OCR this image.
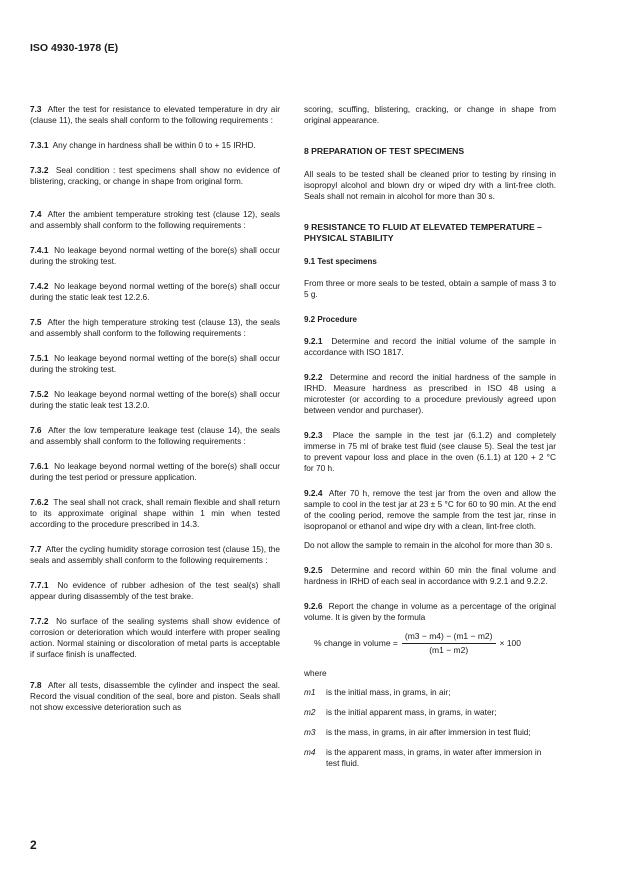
ISO 4930-1978 (E)

7.3 After the test for resistance to elevated temperature in dry air (clause 11), the seals shall conform to the following requirements :

7.3.1 Any change in hardness shall be within 0 to + 15 IRHD.

7.3.2 Seal condition : test specimens shall show no evidence of blistering, cracking, or change in shape from original form.

7.4 After the ambient temperature stroking test (clause 12), seals and assembly shall conform to the following requirements :

7.4.1 No leakage beyond normal wetting of the bore(s) shall occur during the stroking test.

7.4.2 No leakage beyond normal wetting of the bore(s) shall occur during the static leak test 12.2.6.

7.5 After the high temperature stroking test (clause 13), the seals and assembly shall conform to the following requirements :

7.5.1 No leakage beyond normal wetting of the bore(s) shall occur during the stroking test.

7.5.2 No leakage beyond normal wetting of the bore(s) shall occur during the static leak test 13.2.0.

7.6 After the low temperature leakage test (clause 14), the seals and assembly shall conform to the following requirements :

7.6.1 No leakage beyond normal wetting of the bore(s) shall occur during the test period or pressure application.

7.6.2 The seal shall not crack, shall remain flexible and shall return to its approximate original shape within 1 min when tested according to the procedure prescribed in 14.3.

7.7 After the cycling humidity storage corrosion test (clause 15), the seals and assembly shall conform to the following requirements :

7.7.1 No evidence of rubber adhesion of the test seal(s) shall appear during disassembly of the test brake.

7.7.2 No surface of the sealing systems shall show evidence of corrosion or deterioration which would interfere with proper sealing action. Normal staining or discoloration of metal parts is acceptable if surface finish is unaffected.

7.8 After all tests, disassemble the cylinder and inspect the seal. Record the visual condition of the seal, bore and piston. Seals shall not show excessive deterioration such as

scoring, scuffing, blistering, cracking, or change in shape from original appearance.

8 PREPARATION OF TEST SPECIMENS

All seals to be tested shall be cleaned prior to testing by rinsing in isopropyl alcohol and blown dry or wiped dry with a lint-free cloth. Seals shall not remain in alcohol for more than 30 s.

9 RESISTANCE TO FLUID AT ELEVATED TEMPERATURE – PHYSICAL STABILITY
9.1 Test specimens

From three or more seals to be tested, obtain a sample of mass 3 to 5 g.

9.2 Procedure

9.2.1 Determine and record the initial volume of the sample in accordance with ISO 1817.

9.2.2 Determine and record the initial hardness of the sample in IRHD. Measure hardness as prescribed in ISO 48 using a microtester (or according to a procedure previously agreed upon between vendor and purchaser).

9.2.3 Place the sample in the test jar (6.1.2) and completely immerse in 75 ml of brake test fluid (see clause 5). Seal the test jar to prevent vapour loss and place in the oven (6.1.1) at 120 + 2 °C for 70 h.

9.2.4 After 70 h, remove the test jar from the oven and allow the sample to cool in the test jar at 23 ± 5 °C for 60 to 90 min. At the end of the cooling period, remove the sample from the test jar, rinse in isopropanol or ethanol and wipe dry with a clean, lint-free cloth.

Do not allow the sample to remain in the alcohol for more than 30 s.

9.2.5 Determine and record within 60 min the final volume and hardness in IRHD of each seal in accordance with 9.2.1 and 9.2.2.

9.2.6 Report the change in volume as a percentage of the original volume. It is given by the formula

% change in volume = $\frac{(m3 - m4) - (m1 - m2)}{(m1 - m2)} \times 100$
where
m1	is the initial mass, in grams, in air;
m2	is the initial apparent mass, in grams, in water;
m3	is the mass, in grams, in air after immersion in test fluid;
m4	is the apparent mass, in grams, in water after immersion in test fluid.
2
